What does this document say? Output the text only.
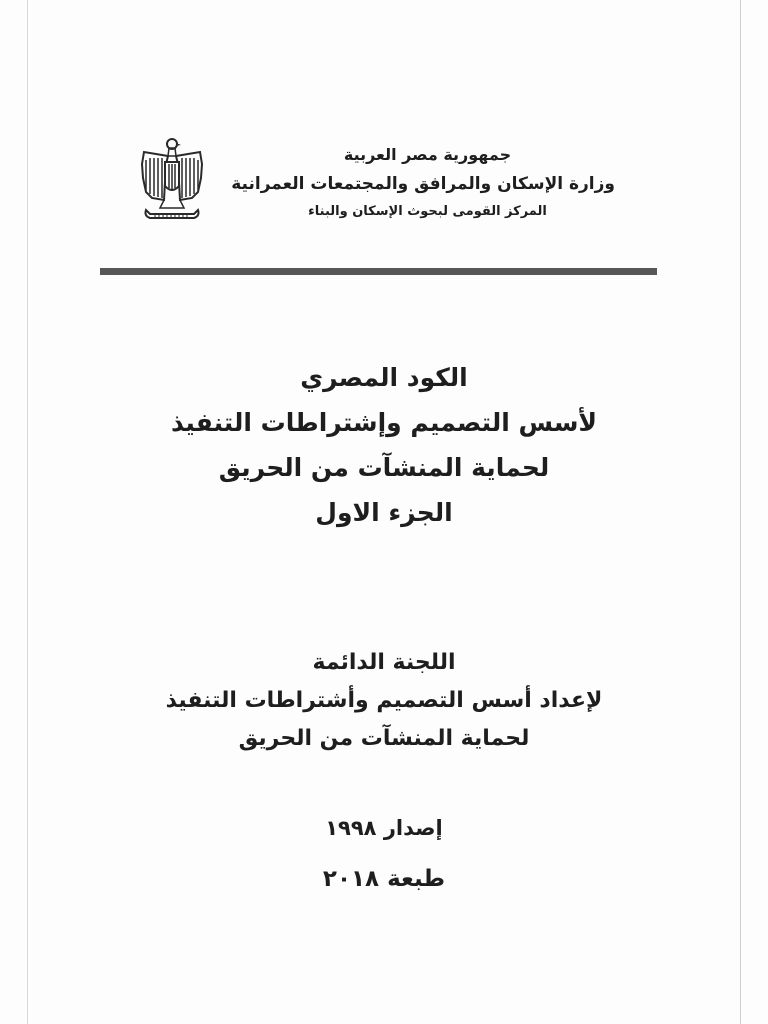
جمهورية مصر العربية
وزارة الإسكان والمرافق والمجتمعات العمرانية
المركز القومى لبحوث الإسكان والبناء
الكود المصري
لأسس التصميم وإشتراطات التنفيذ
لحماية المنشآت من الحريق
الجزء الاول
اللجنة الدائمة
لإعداد أسس التصميم وأشتراطات التنفيذ
لحماية المنشآت من الحريق
إصدار ١٩٩٨
طبعة ٢٠١٨
